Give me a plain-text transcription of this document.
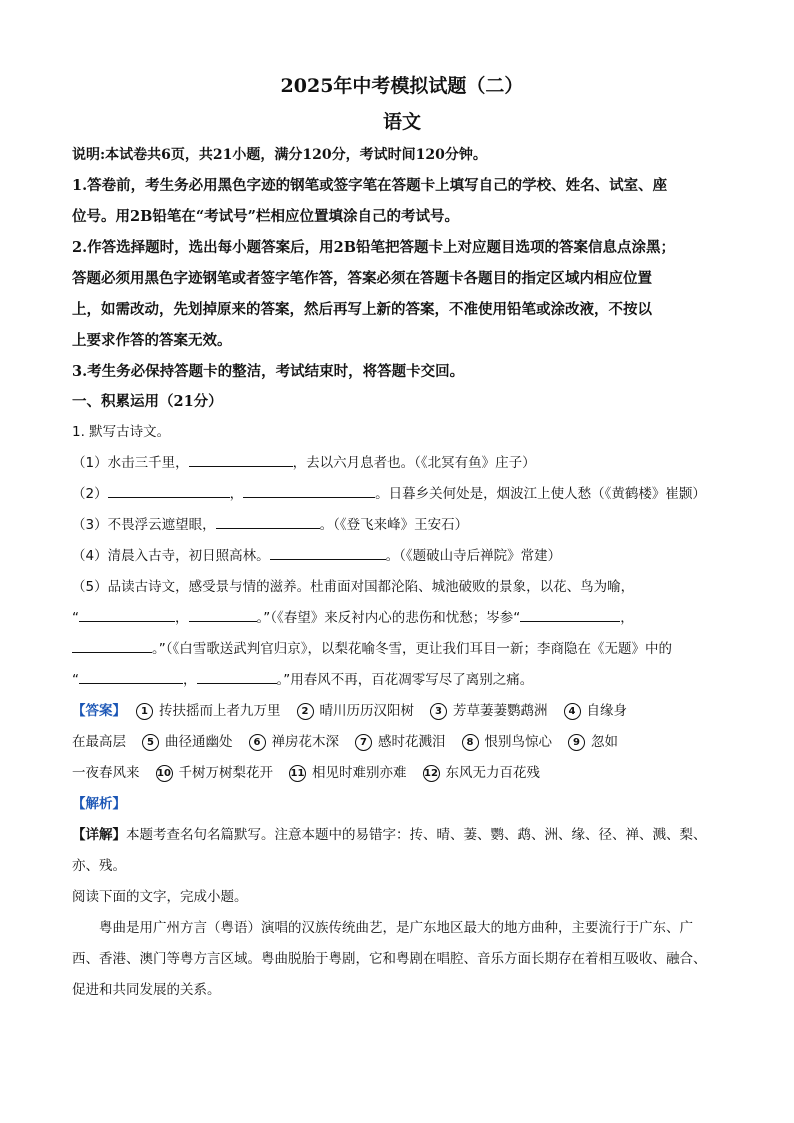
2025年中考模拟试题（二）

语文

说明:本试卷共6页，共21小题，满分120分，考试时间120分钟。

1.答卷前，考生务必用黑色字迹的钢笔或签字笔在答题卡上填写自己的学校、姓名、试室、座

位号。用2B铅笔在“考试号”栏相应位置填涂自己的考试号。

2.作答选择题时，选出每小题答案后，用2B铅笔把答题卡上对应题目选项的答案信息点涂黑；

答题必须用黑色字迹钢笔或者签字笔作答，答案必须在答题卡各题目的指定区域内相应位置

上，如需改动，先划掉原来的答案，然后再写上新的答案，不准使用铅笔或涂改液，不按以

上要求作答的答案无效。

3.考生务必保持答题卡的整洁，考试结束时，将答题卡交回。

一、积累运用（21分）

1. 默写古诗文。

（1）水击三千里，	，去以六月息者也。（《北冥有鱼》庄子）

（2）	，	。日暮乡关何处是，烟波江上使人愁（《黄鹤楼》崔颢）

（3）不畏浮云遮望眼，	。（《登飞来峰》王安石）

（4）清晨入古寺，初日照高林。	。（《题破山寺后禅院》常建）

（5）品读古诗文，感受景与情的滋养。杜甫面对国都沦陷、城池破败的景象，以花、鸟为喻，

“	，	。”（《春望》来反衬内心的悲伤和忧愁；岑参“	，

。”（《白雪歌送武判官归京》，以梨花喻冬雪，更让我们耳目一新；李商隐在《无题》中的

“	，	。”用春风不再，百花凋零写尽了离别之痛。

【答案】 1 抟扶摇而上者九万里 2 晴川历历汉阳树 3 芳草萋萋鹦鹉洲 4 自缘身

在最高层 5 曲径通幽处 6 禅房花木深 7 感时花溅泪 8 恨别鸟惊心 9 忽如

一夜春风来 10 千树万树梨花开 11 相见时难别亦难 12 东风无力百花残

【解析】

【详解】本题考查名句名篇默写。注意本题中的易错字：抟、晴、萋、鹦、鹉、洲、缘、径、禅、溅、梨、

亦、残。

阅读下面的文字，完成小题。

粤曲是用广州方言（粤语）演唱的汉族传统曲艺，是广东地区最大的地方曲种，主要流行于广东、广

西、香港、澳门等粤方言区域。粤曲脱胎于粤剧，它和粤剧在唱腔、音乐方面长期存在着相互吸收、融合、

促进和共同发展的关系。
